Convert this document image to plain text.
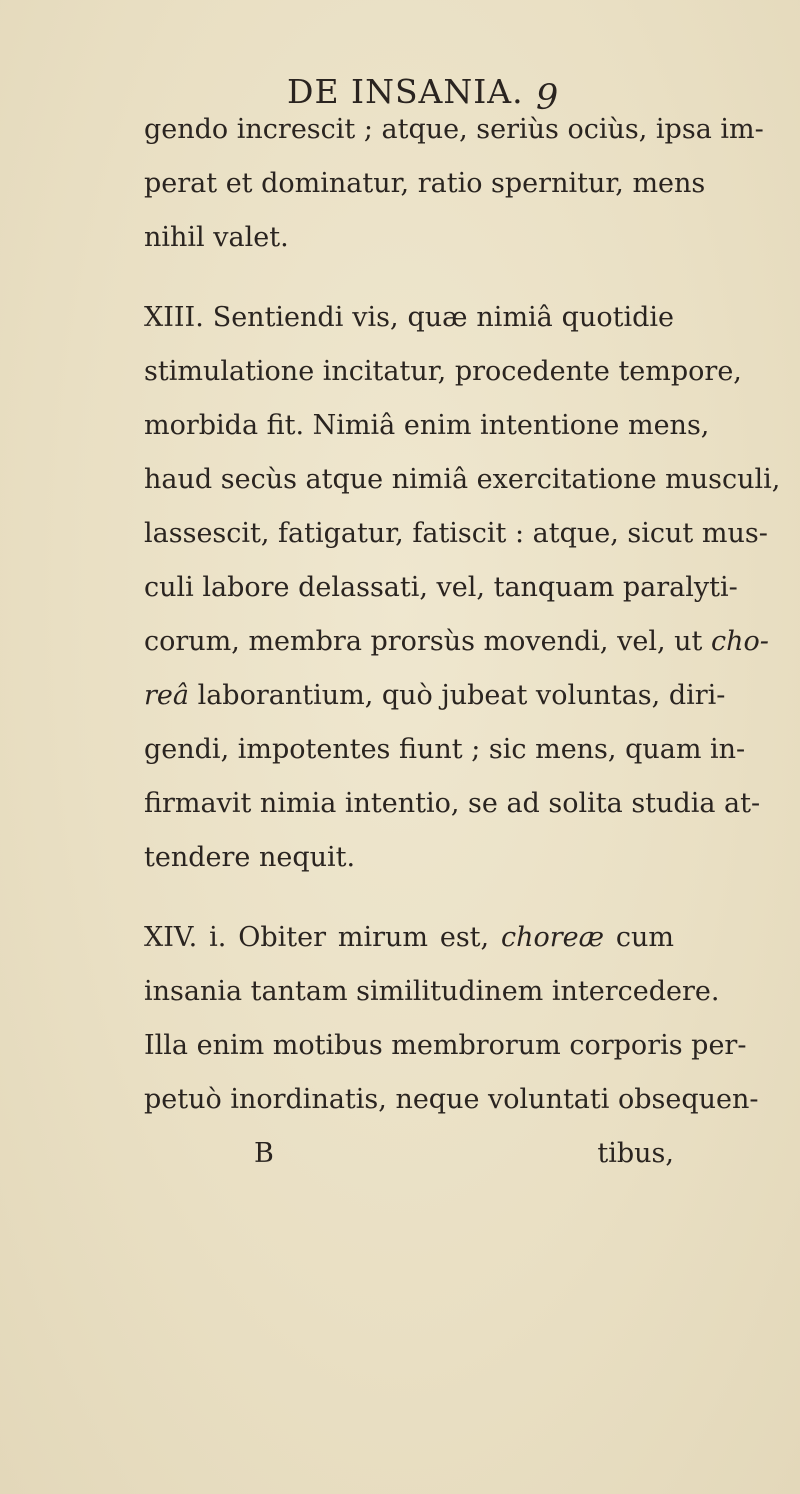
DE INSANIA. 9
gendo increscit ; atque, seriùs ociùs, ipsa im-
perat et dominatur, ratio spernitur, mens
nihil valet.
XIII. Sentiendi vis, quæ nimiâ quotidie
stimulatione incitatur, procedente tempore,
morbida fit. Nimiâ enim intentione mens,
haud secùs atque nimiâ exercitatione musculi,
lassescit, fatigatur, fatiscit : atque, sicut mus-
culi labore delassati, vel, tanquam paralyti-
corum, membra prorsùs movendi, vel, ut cho-
reâ laborantium, quò jubeat voluntas, diri-
gendi, impotentes fiunt ; sic mens, quam in-
firmavit nimia intentio, se ad solita studia at-
tendere nequit.
XIV. i. Obiter mirum est, choreæ cum
insania tantam similitudinem intercedere.
Illa enim motibus membrorum corporis per-
petuò inordinatis, neque voluntati obsequen-
B	tibus,
